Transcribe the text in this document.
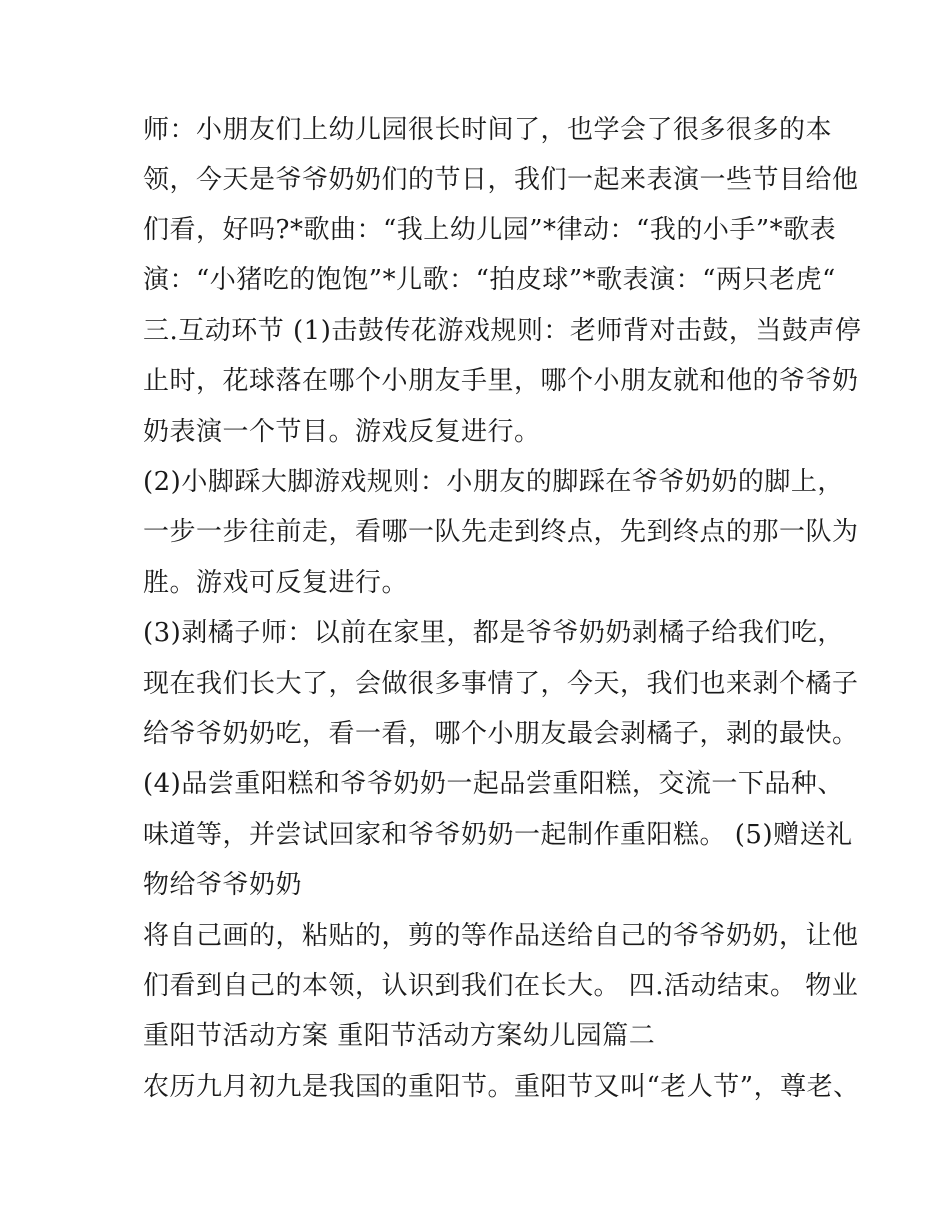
师：小朋友们上幼儿园很长时间了，也学会了很多很多的本
领，今天是爷爷奶奶们的节日，我们一起来表演一些节目给他
们看，好吗?*歌曲：“我上幼儿园”*律动：“我的小手”*歌表
演：“小猪吃的饱饱”*儿歌：“拍皮球”*歌表演：“两只老虎“
三.互动环节 (1)击鼓传花游戏规则：老师背对击鼓，当鼓声停
止时，花球落在哪个小朋友手里，哪个小朋友就和他的爷爷奶
奶表演一个节目。游戏反复进行。
(2)小脚踩大脚游戏规则：小朋友的脚踩在爷爷奶奶的脚上，
一步一步往前走，看哪一队先走到终点，先到终点的那一队为
胜。游戏可反复进行。
(3)剥橘子师：以前在家里，都是爷爷奶奶剥橘子给我们吃，
现在我们长大了，会做很多事情了，今天，我们也来剥个橘子
给爷爷奶奶吃，看一看，哪个小朋友最会剥橘子，剥的最快。
(4)品尝重阳糕和爷爷奶奶一起品尝重阳糕，交流一下品种、
味道等，并尝试回家和爷爷奶奶一起制作重阳糕。 (5)赠送礼
物给爷爷奶奶
将自己画的，粘贴的，剪的等作品送给自己的爷爷奶奶，让他
们看到自己的本领，认识到我们在长大。 四.活动结束。 物业
重阳节活动方案 重阳节活动方案幼儿园篇二
农历九月初九是我国的重阳节。重阳节又叫“老人节”，尊老、
